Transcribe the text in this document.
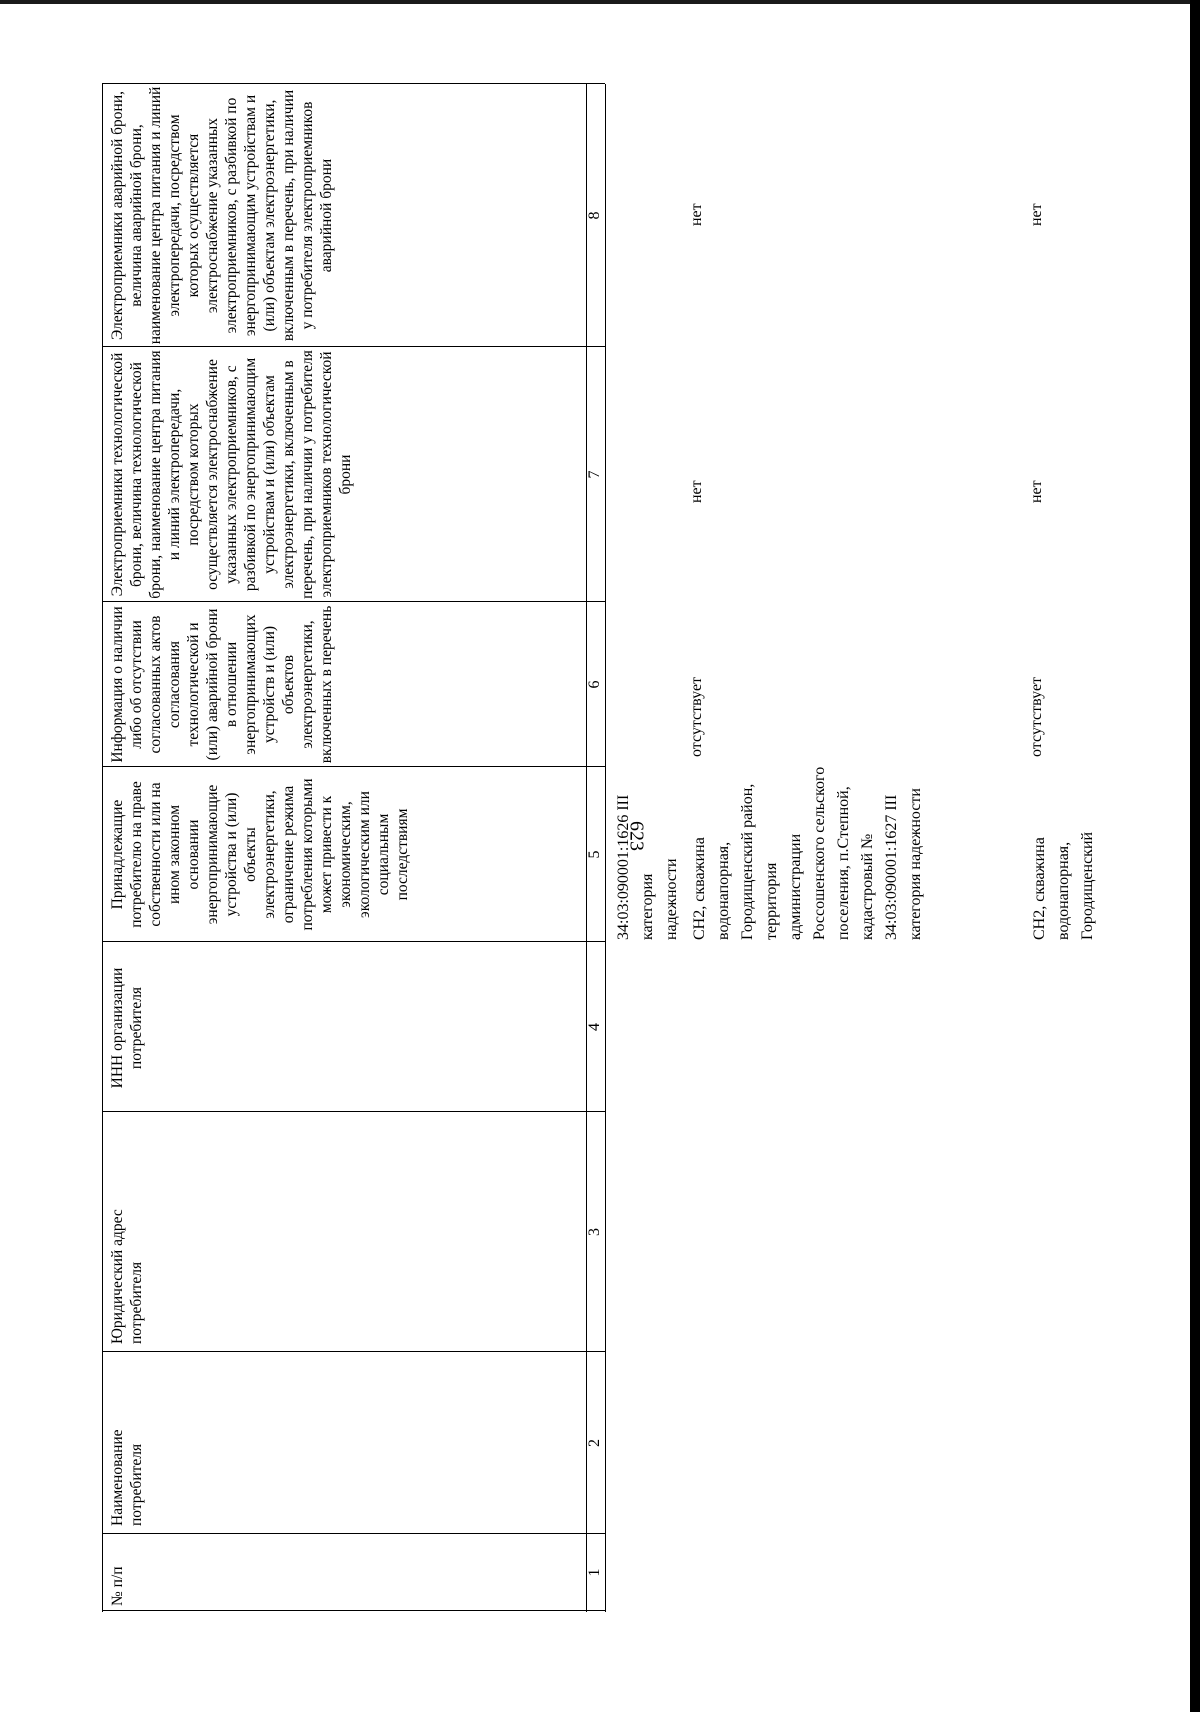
623
№ п/п
Наименование потребителя
Юридический адрес потребителя
ИНН организации потребителя
Принадлежащие потребителю на праве собственности или на ином законном основании энергопринимающие устройства и (или) объекты электроэнергетики, ограничение режима потребления которыми может привести к экономическим, экологическим или социальным последствиям
Информация о наличии либо об отсутствии согласованных актов согласования технологической и (или) аварийной брони в отношении энергопринимающих устройств и (или) объектов электроэнергетики, включенных в перечень
Электроприемники технологической брони, величина технологической брони, наименование центра питания и линий электропередачи, посредством которых осуществляется электроснабжение указанных электроприемников, с разбивкой по энергопринимающим устройствам и (или) объектам электроэнергетики, включенным в перечень, при наличии у потребителя электроприемников технологической брони
Электроприемники аварийной брони, величина аварийной брони, наименование центра питания и линий электропередачи, посредством которых осуществляется электроснабжение указанных электроприемников, с разбивкой по энергопринимающим устройствам и (или) объектам электроэнергетики, включенным в перечень, при наличии у потребителя электроприемников аварийной брони
1
2
3
4
5
6
7
8
34:03:090001:1626 III категория надежности СН2, скважина водонапорная, Городищенский район, территория администрации Россошенского сельского поселения, п.Степной, кадастровый № 34:03:090001:1627 III категория надежности
отсутствует
нет
нет
СН2, скважина водонапорная, Городищенский
отсутствует
нет
нет
